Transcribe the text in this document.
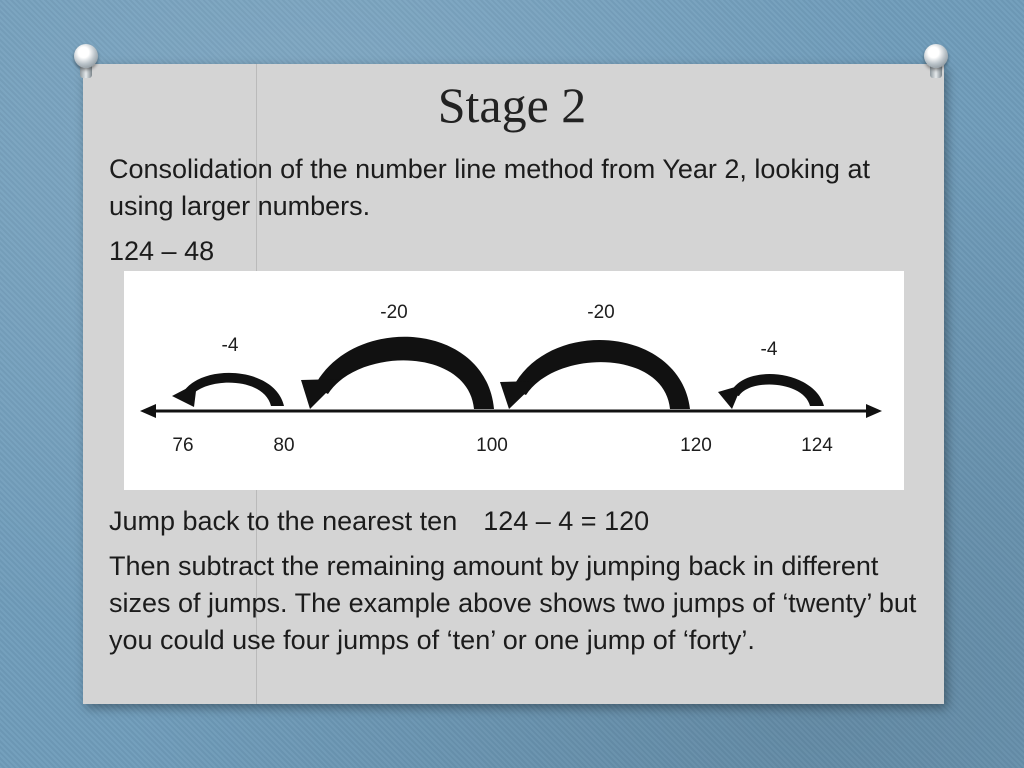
Stage 2

Consolidation of the number line method from Year 2, looking at using larger numbers.

124 – 48

-4
-20
-20
-4
76	80	100	120	124

Jump back to the nearest ten 124 – 4 = 120

Then subtract the remaining amount by jumping back in different sizes of jumps. The example above shows two jumps of ‘twenty’ but you could use four jumps of ‘ten’ or one jump of ‘forty’.
